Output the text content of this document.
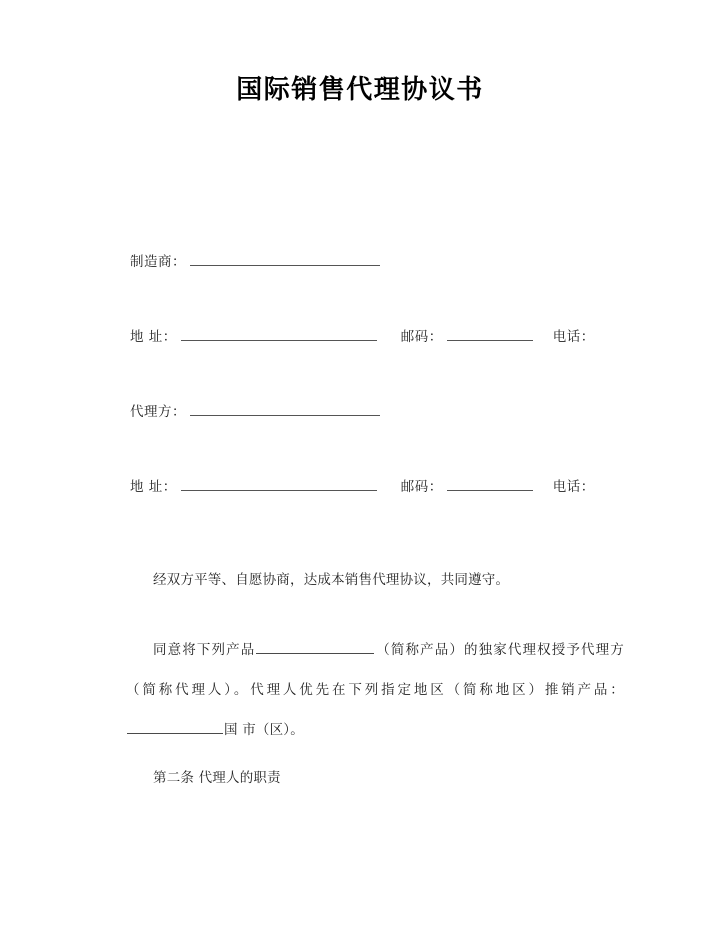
国际销售代理协议书
制造商：
地 址：	邮码：	电话：
代理方：
地 址：	邮码：	电话：

经双方平等、自愿协商，达成本销售代理协议，共同遵守。

同意将下列产品	（简称产品）的独家代理权授予代理方（简称代理人）。代理人优先在下列指定地区（简称地区）推销产品：国 市（区）。

第二条 代理人的职责
